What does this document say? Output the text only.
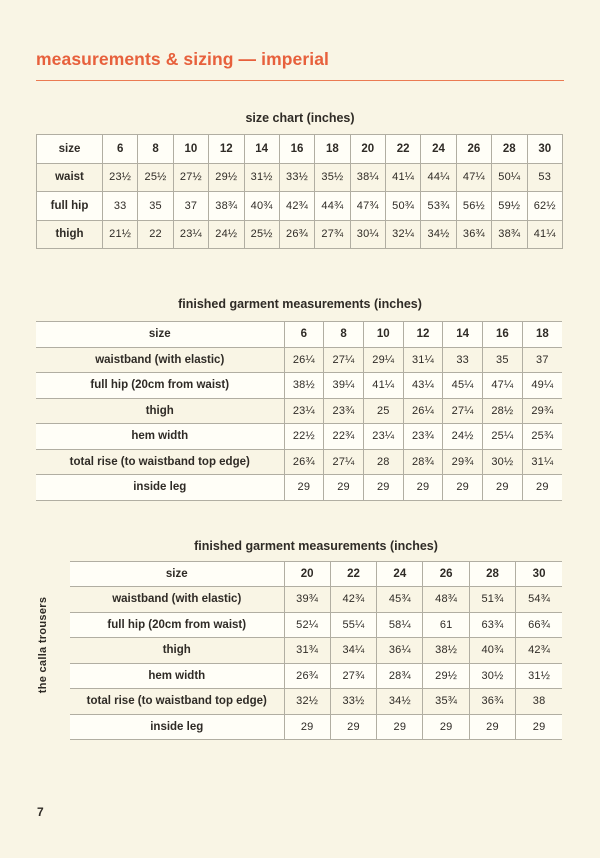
the calla trousers
measurements & sizing — imperial
size chart (inches)
size	6	8	10	12	14	16	18	20	22	24	26	28	30
waist	23½	25½	27½	29½	31½	33½	35½	38¼	41¼	44¼	47¼	50¼	53
full hip	33	35	37	38¾	40¾	42¾	44¾	47¾	50¾	53¾	56½	59½	62½
thigh	21½	22	23¼	24½	25½	26¾	27¾	30¼	32¼	34½	36¾	38¾	41¼
finished garment measurements (inches)
size	6	8	10	12	14	16	18
waistband (with elastic)	26¼	27¼	29¼	31¼	33	35	37
full hip (20cm from waist)	38½	39¼	41¼	43¼	45¼	47¼	49¼
thigh	23¼	23¾	25	26¼	27¼	28½	29¾
hem width	22½	22¾	23¼	23¾	24½	25¼	25¾
total rise (to waistband top edge)	26¾	27¼	28	28¾	29¾	30½	31¼
inside leg	29	29	29	29	29	29	29
finished garment measurements (inches)
size	20	22	24	26	28	30
waistband (with elastic)	39¾	42¾	45¾	48¾	51¾	54¾
full hip (20cm from waist)	52¼	55¼	58¼	61	63¾	66¾
thigh	31¾	34¼	36¼	38½	40¾	42¾
hem width	26¾	27¾	28¾	29½	30½	31½
total rise (to waistband top edge)	32½	33½	34½	35¾	36¾	38
inside leg	29	29	29	29	29	29
7
